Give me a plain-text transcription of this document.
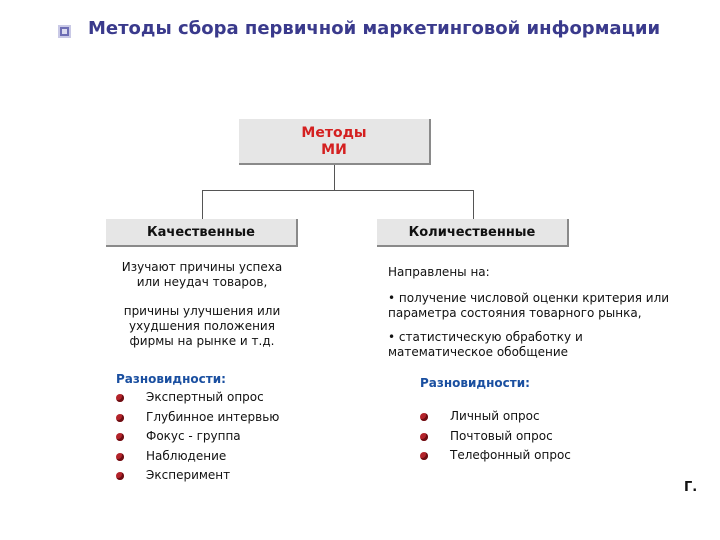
Методы сбора первичной маркетинговой информации
Методы
МИ
Качественные	Количественные
Изучают причины успеха
или неудач товаров,
причины улучшения или
ухудшения положения
фирмы на рынке и т.д.
Направлены на:
• получение числовой оценки критерия или
параметра состояния товарного рынка,
• статистическую обработку и
математическое обобщение
Разновидности:
Экспертный опрос
Глубинное интервью
Фокус - группа
Наблюдение
Эксперимент
Разновидности:
Личный опрос
Почтовый опрос
Телефонный опрос
Г.
